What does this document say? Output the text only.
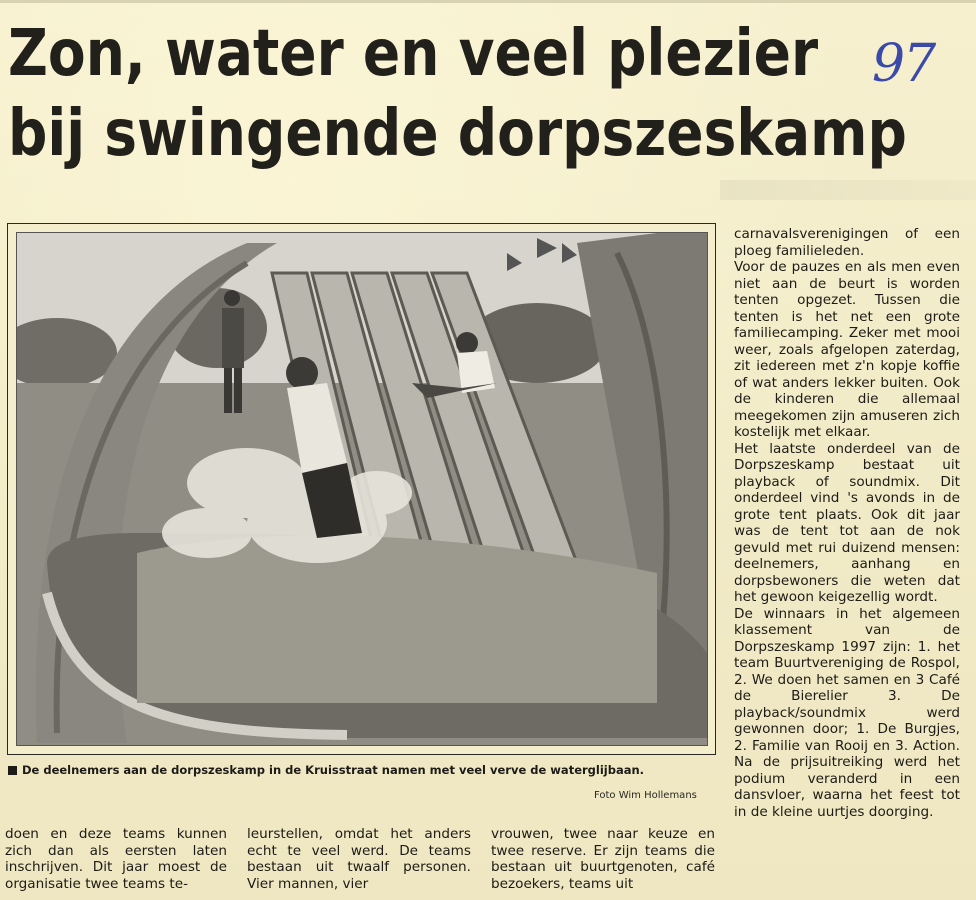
Zon, water en veel plezier
bij swingende dorpszeskamp
97

De deelnemers aan de dorpszeskamp in de Kruisstraat namen met veel verve de waterglijbaan.

Foto Wim Hollemans

carnavalsverenigingen of een ploeg familieleden.

Voor de pauzes en als men even niet aan de beurt is worden tenten opgezet. Tussen die tenten is het net een grote familiecamping. Zeker met mooi weer, zoals afgelopen zaterdag, zit iedereen met z'n kopje koffie of wat anders lekker buiten. Ook de kinderen die allemaal meegekomen zijn amuseren zich kostelijk met elkaar.

Het laatste onderdeel van de Dorpszeskamp bestaat uit playback of soundmix. Dit onderdeel vind 's avonds in de grote tent plaats. Ook dit jaar was de tent tot aan de nok gevuld met rui duizend mensen: deelnemers, aanhang en dorpsbewoners die weten dat het gewoon keigezellig wordt.

De winnaars in het algemeen klassement van de Dorpszeskamp 1997 zijn: 1. het team Buurtvereniging de Rospol, 2. We doen het samen en 3 Café de Bierelier 3. De playback/soundmix werd gewonnen door; 1. De Burgjes, 2. Familie van Rooij en 3. Action. Na de prijsuitreiking werd het podium veranderd in een dansvloer, waarna het feest tot in de kleine uurtjes doorging.

doen en deze teams kunnen zich dan als eersten laten inschrijven. Dit jaar moest de organisatie twee teams te-

leurstellen, omdat het anders echt te veel werd. De teams bestaan uit twaalf personen. Vier mannen, vier

vrouwen, twee naar keuze en twee reserve. Er zijn teams die bestaan uit buurtgenoten, café bezoekers, teams uit
